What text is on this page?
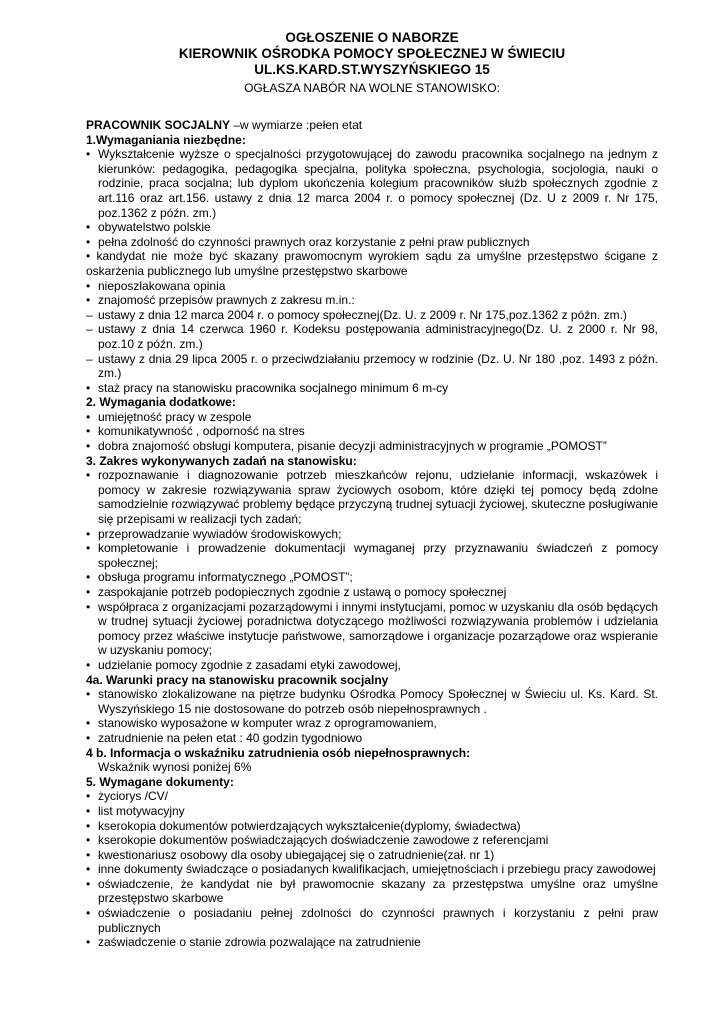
OGŁOSZENIE O NABORZE
KIEROWNIK OŚRODKA POMOCY SPOŁECZNEJ W ŚWIECIU
UL.KS.KARD.ST.WYSZYŃSKIEGO 15
OGŁASZA NABÓR NA WOLNE STANOWISKO:
PRACOWNIK SOCJALNY –w wymiarze :pełen etat
1.Wymaganiania niezbędne:
• Wykształcenie wyższe o specjalności przygotowującej do zawodu pracownika socjalnego na jednym z kierunków: pedagogika, pedagogika specjalna, polityka społeczna, psychologia, socjologia, nauki o rodzinie, praca socjalna; lub dyplom ukończenia kolegium pracowników służb społecznych zgodnie z art.116 oraz art.156. ustawy z dnia 12 marca 2004 r. o pomocy społecznej (Dz. U z 2009 r. Nr 175, poz.1362 z późn. zm.)
• obywatelstwo polskie
• pełna zdolność do czynności prawnych oraz korzystanie z pełni praw publicznych
• kandydat nie może być skazany prawomocnym wyrokiem sądu za umyślne przestępstwo ścigane z oskarżenia publicznego lub umyślne przestępstwo skarbowe
• nieposzlakowana opinia
• znajomość przepisów prawnych z zakresu m.in.:
– ustawy z dnia 12 marca 2004 r. o pomocy społecznej(Dz. U. z 2009 r. Nr 175,poz.1362 z późn. zm.)
– ustawy z dnia 14 czerwca 1960 r. Kodeksu postępowania administracyjnego(Dz. U. z 2000 r. Nr 98, poz.10 z późn. zm.)
– ustawy z dnia 29 lipca 2005 r. o przeciwdziałaniu przemocy w rodzinie (Dz. U. Nr 180 ,poz. 1493 z późn. zm.)
• staż pracy na stanowisku pracownika socjalnego minimum 6 m-cy
2. Wymagania dodatkowe:
• umiejętność pracy w zespole
• komunikatywność , odporność na stres
• dobra znajomość obsługi komputera, pisanie decyzji administracyjnych w programie „POMOST”
3. Zakres wykonywanych zadań na stanowisku:
• rozpoznawanie i diagnozowanie potrzeb mieszkańców rejonu, udzielanie informacji, wskazówek i pomocy w zakresie rozwiązywania spraw życiowych osobom, które dzięki tej pomocy będą zdolne samodzielnie rozwiązywać problemy będące przyczyną trudnej sytuacji życiowej, skuteczne posługiwanie się przepisami w realizacji tych zadań;
• przeprowadzanie wywiadów środowiskowych;
• kompletowanie i prowadzenie dokumentacji wymaganej przy przyznawaniu świadczeń z pomocy społecznej;
• obsługa programu informatycznego „POMOST”;
• zaspokajanie potrzeb podopiecznych zgodnie z ustawą o pomocy społecznej
• współpraca z organizacjami pozarządowymi i innymi instytucjami, pomoc w uzyskaniu dla osób będących w trudnej sytuacji życiowej poradnictwa dotyczącego możliwości rozwiązywania problemów i udzielania pomocy przez właściwe instytucje państwowe, samorządowe i organizacje pozarządowe oraz wspieranie w uzyskaniu pomocy;
• udzielanie pomocy zgodnie z zasadami etyki zawodowej,
4a. Warunki pracy na stanowisku pracownik socjalny
• stanowisko zlokalizowane na piętrze budynku Ośrodka Pomocy Społecznej w Świeciu ul. Ks. Kard. St. Wyszyńskiego 15 nie dostosowane do potrzeb osób niepełnosprawnych .
• stanowisko wyposażone w komputer wraz z oprogramowaniem,
• zatrudnienie na pełen etat : 40 godzin tygodniowo
4 b. Informacja o wskaźniku zatrudnienia osób niepełnosprawnych:
Wskaźnik wynosi poniżej 6%
5. Wymagane dokumenty:
• życiorys /CV/
• list motywacyjny
• kserokopia dokumentów potwierdzających wykształcenie(dyplomy, świadectwa)
• kserokopie dokumentów poświadczających doświadczenie zawodowe z referencjami
• kwestionariusz osobowy dla osoby ubiegającej się o zatrudnienie(zał. nr 1)
• inne dokumenty świadczące o posiadanych kwalifikacjach, umiejętnościach i przebiegu pracy zawodowej
• oświadczenie, że kandydat nie był prawomocnie skazany za przestępstwa umyślne oraz umyślne przestępstwo skarbowe
• oświadczenie o posiadaniu pełnej zdolności do czynności prawnych i korzystaniu z pełni praw publicznych
• zaświadczenie o stanie zdrowia pozwalające na zatrudnienie
